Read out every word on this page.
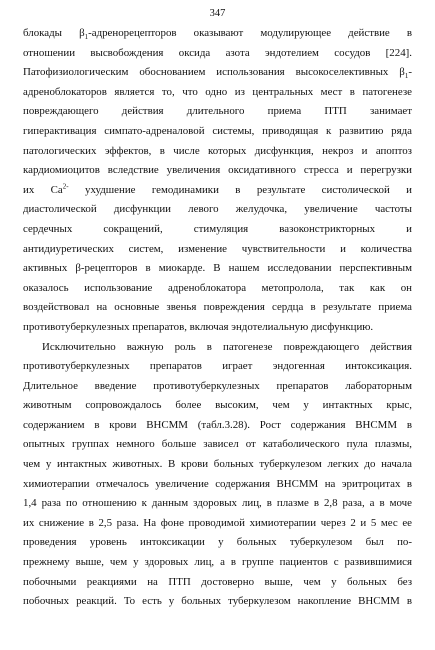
347
блокады $\beta_1$-адренорецепторов оказывают модулирующее действие в
отношении высвобождения оксида азота эндотелием сосудов [224].
Патофизиологическим обоснованием использования высокоселективных $\beta_1-$
адреноблокаторов является то, что одно из центральных мест в патогенезе
повреждающего действия длительного приема ПТП занимает
гиперактивация симпато-адреналовой системы, приводящая к развитию ряда
патологических эффектов, в числе которых дисфункция, некроз и апоптоз
кардиомиоцитов вследствие увеличения оксидативного стресса и перегрузки
их $Ca^{2-}$ ухудшение гемодинамики в результате систолической и
диастолической дисфункции левого желудочка, увеличение частоты
сердечных сокращений, стимуляция вазоконстрикторных и
антидиуретических систем, изменение чувствительности и количества
активных β-рецепторов в миокарде. В нашем исследовании перспективным
оказалось использование адреноблокатора метопролола, так как он
воздействовал на основные звенья повреждения сердца в результате приема
противотуберкулезных препаратов, включая эндотелиальную дисфункцию.
Исключительно важную роль в патогенезе повреждающего действия
противотуберкулезных препаратов играет эндогенная интоксикация.
Длительное введение противотуберкулезных препаратов лабораторным
животным сопровождалось более высоким, чем у интактных крыс,
содержанием в крови ВНСММ (табл.3.28). Рост содержания ВНСММ в
опытных группах немного больше зависел от катаболического пула плазмы,
чем у интактных животных. В крови больных туберкулезом легких до начала
химиотерапии отмечалось увеличение содержания ВНСММ на эритроцитах в
1,4 раза по отношению к данным здоровых лиц, в плазме в 2,8 раза, а в моче
их снижение в 2,5 раза. На фоне проводимой химиотерапии через 2 и 5 мес ее
проведения уровень интоксикации у больных туберкулезом был по-
прежнему выше, чем у здоровых лиц, а в группе пациентов с развившимися
побочными реакциями на ПТП достоверно выше, чем у больных без
побочных реакций. То есть у больных туберкулезом накопление ВНСММ в
